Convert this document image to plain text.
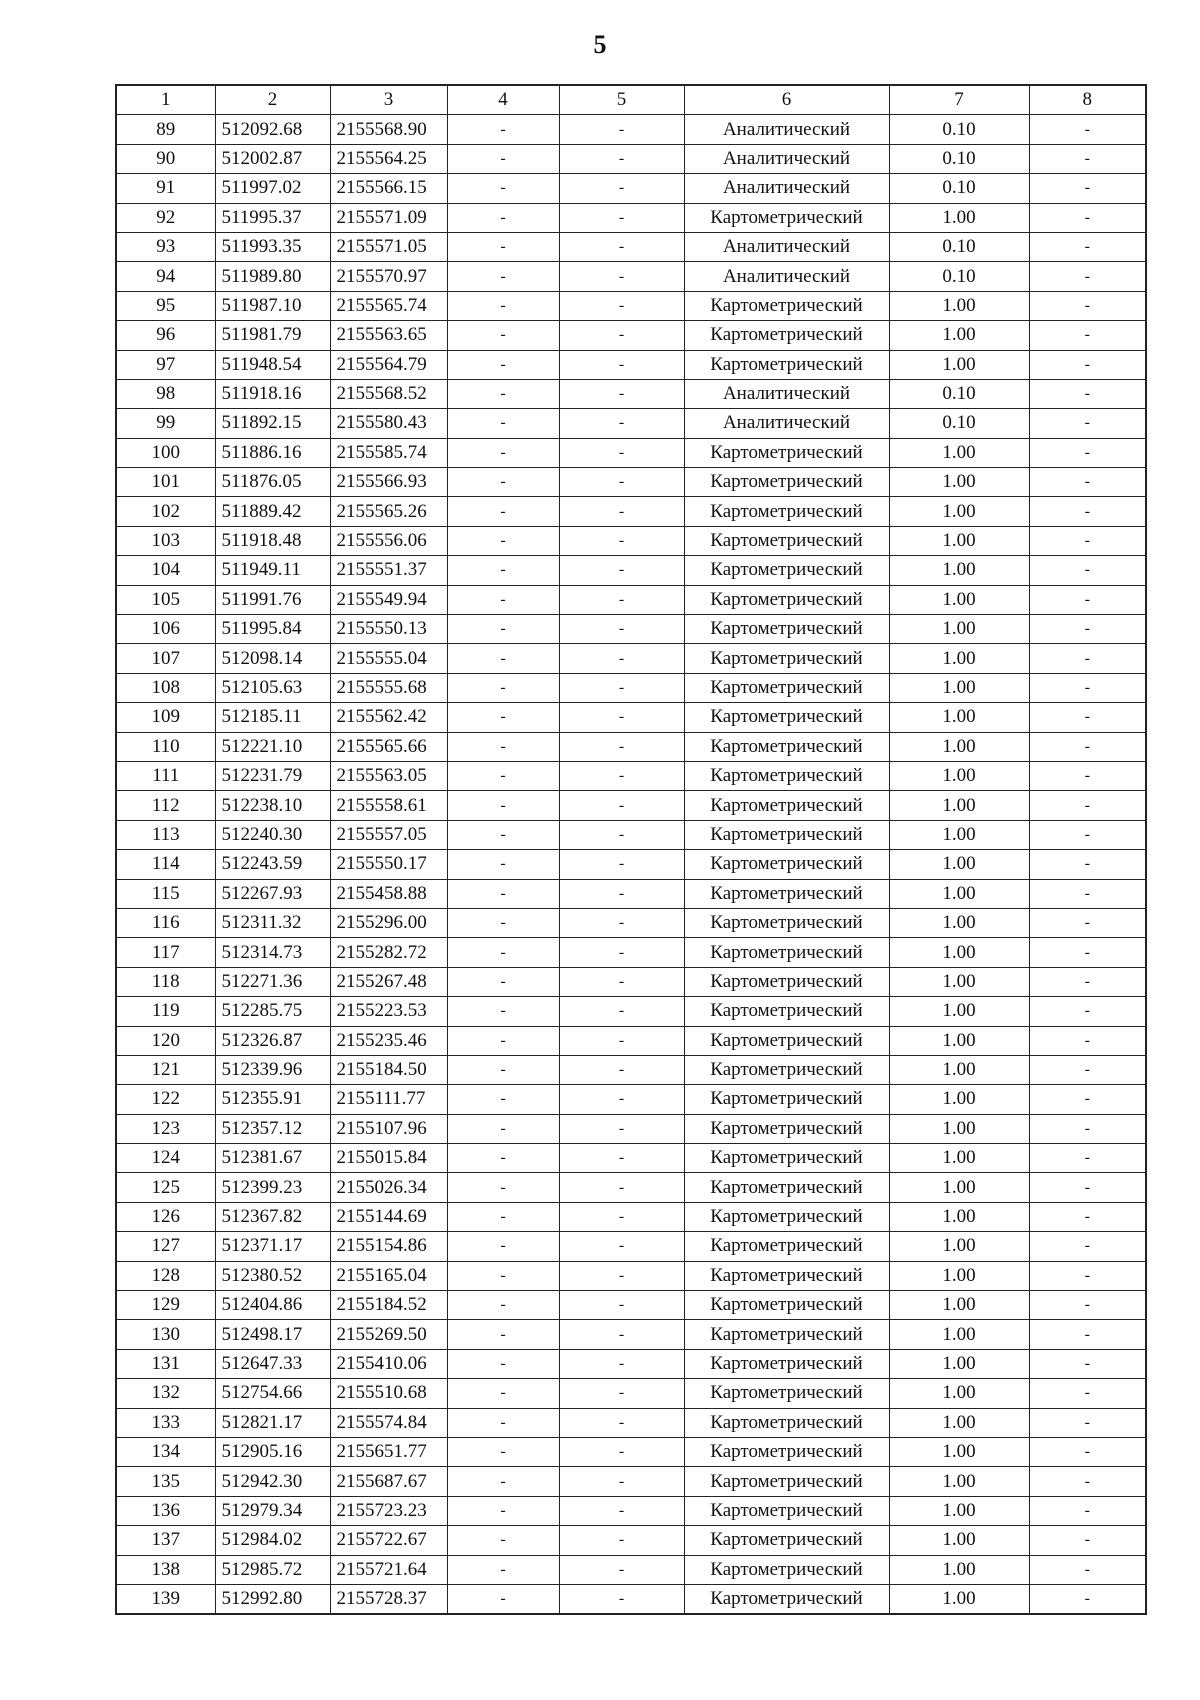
5
1	2	3	4	5	6	7	8
89	512092.68	2155568.90	-	-	Аналитический	0.10	-
90	512002.87	2155564.25	-	-	Аналитический	0.10	-
91	511997.02	2155566.15	-	-	Аналитический	0.10	-
92	511995.37	2155571.09	-	-	Картометрический	1.00	-
93	511993.35	2155571.05	-	-	Аналитический	0.10	-
94	511989.80	2155570.97	-	-	Аналитический	0.10	-
95	511987.10	2155565.74	-	-	Картометрический	1.00	-
96	511981.79	2155563.65	-	-	Картометрический	1.00	-
97	511948.54	2155564.79	-	-	Картометрический	1.00	-
98	511918.16	2155568.52	-	-	Аналитический	0.10	-
99	511892.15	2155580.43	-	-	Аналитический	0.10	-
100	511886.16	2155585.74	-	-	Картометрический	1.00	-
101	511876.05	2155566.93	-	-	Картометрический	1.00	-
102	511889.42	2155565.26	-	-	Картометрический	1.00	-
103	511918.48	2155556.06	-	-	Картометрический	1.00	-
104	511949.11	2155551.37	-	-	Картометрический	1.00	-
105	511991.76	2155549.94	-	-	Картометрический	1.00	-
106	511995.84	2155550.13	-	-	Картометрический	1.00	-
107	512098.14	2155555.04	-	-	Картометрический	1.00	-
108	512105.63	2155555.68	-	-	Картометрический	1.00	-
109	512185.11	2155562.42	-	-	Картометрический	1.00	-
110	512221.10	2155565.66	-	-	Картометрический	1.00	-
111	512231.79	2155563.05	-	-	Картометрический	1.00	-
112	512238.10	2155558.61	-	-	Картометрический	1.00	-
113	512240.30	2155557.05	-	-	Картометрический	1.00	-
114	512243.59	2155550.17	-	-	Картометрический	1.00	-
115	512267.93	2155458.88	-	-	Картометрический	1.00	-
116	512311.32	2155296.00	-	-	Картометрический	1.00	-
117	512314.73	2155282.72	-	-	Картометрический	1.00	-
118	512271.36	2155267.48	-	-	Картометрический	1.00	-
119	512285.75	2155223.53	-	-	Картометрический	1.00	-
120	512326.87	2155235.46	-	-	Картометрический	1.00	-
121	512339.96	2155184.50	-	-	Картометрический	1.00	-
122	512355.91	2155111.77	-	-	Картометрический	1.00	-
123	512357.12	2155107.96	-	-	Картометрический	1.00	-
124	512381.67	2155015.84	-	-	Картометрический	1.00	-
125	512399.23	2155026.34	-	-	Картометрический	1.00	-
126	512367.82	2155144.69	-	-	Картометрический	1.00	-
127	512371.17	2155154.86	-	-	Картометрический	1.00	-
128	512380.52	2155165.04	-	-	Картометрический	1.00	-
129	512404.86	2155184.52	-	-	Картометрический	1.00	-
130	512498.17	2155269.50	-	-	Картометрический	1.00	-
131	512647.33	2155410.06	-	-	Картометрический	1.00	-
132	512754.66	2155510.68	-	-	Картометрический	1.00	-
133	512821.17	2155574.84	-	-	Картометрический	1.00	-
134	512905.16	2155651.77	-	-	Картометрический	1.00	-
135	512942.30	2155687.67	-	-	Картометрический	1.00	-
136	512979.34	2155723.23	-	-	Картометрический	1.00	-
137	512984.02	2155722.67	-	-	Картометрический	1.00	-
138	512985.72	2155721.64	-	-	Картометрический	1.00	-
139	512992.80	2155728.37	-	-	Картометрический	1.00	-
